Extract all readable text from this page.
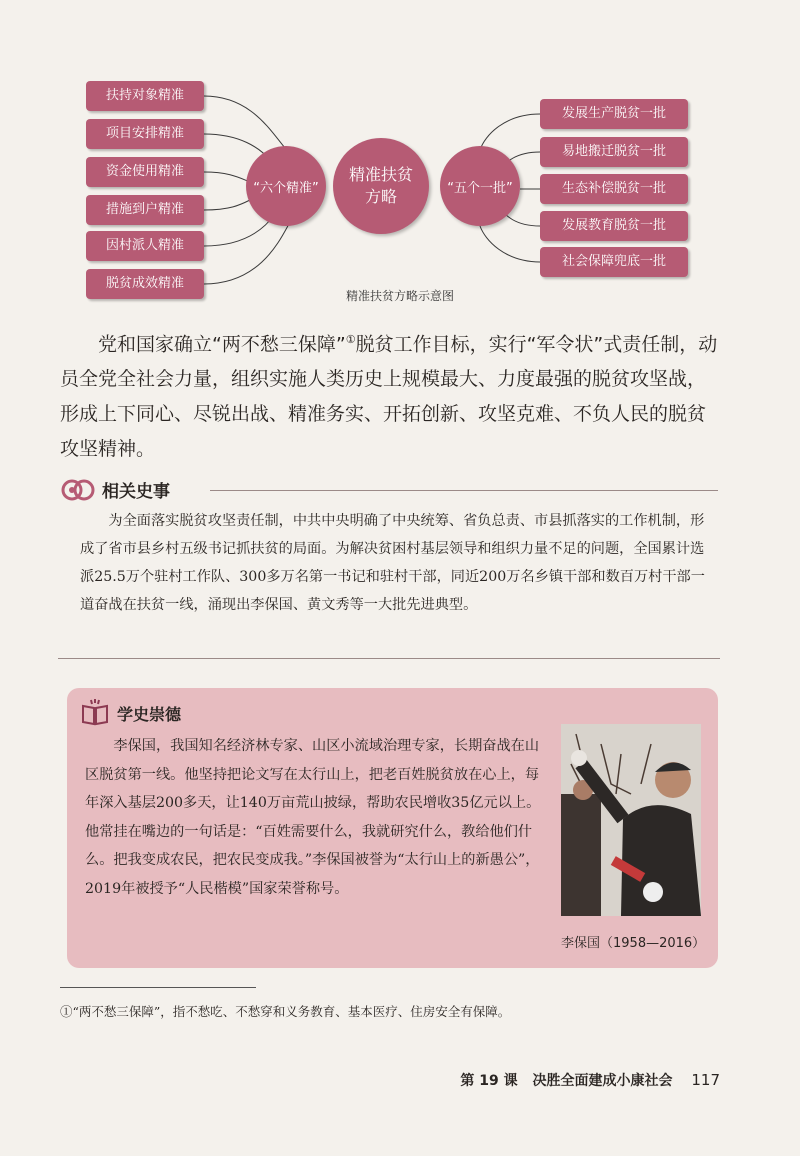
扶持对象精准
项目安排精准
资金使用精准
措施到户精准
因村派人精准
脱贫成效精准
“六个精准”
精准扶贫方略	“五个一批”
发展生产脱贫一批
易地搬迁脱贫一批
生态补偿脱贫一批
发展教育脱贫一批
社会保障兜底一批
精准扶贫方略示意图

党和国家确立“两不愁三保障”①脱贫工作目标，实行“军令状”式责任制，动员全党全社会力量，组织实施人类历史上规模最大、力度最强的脱贫攻坚战，形成上下同心、尽锐出战、精准务实、开拓创新、攻坚克难、不负人民的脱贫攻坚精神。

相关史事

为全面落实脱贫攻坚责任制，中共中央明确了中央统筹、省负总责、市县抓落实的工作机制，形成了省市县乡村五级书记抓扶贫的局面。为解决贫困村基层领导和组织力量不足的问题，全国累计选派25.5万个驻村工作队、300多万名第一书记和驻村干部，同近200万名乡镇干部和数百万村干部一道奋战在扶贫一线，涌现出李保国、黄文秀等一大批先进典型。

学史崇德

李保国，我国知名经济林专家、山区小流域治理专家，长期奋战在山区脱贫第一线。他坚持把论文写在太行山上，把老百姓脱贫放在心上，每年深入基层200多天，让140万亩荒山披绿，帮助农民增收35亿元以上。他常挂在嘴边的一句话是：“百姓需要什么，我就研究什么，教给他们什么。把我变成农民，把农民变成我。”李保国被誉为“太行山上的新愚公”，2019年被授予“人民楷模”国家荣誉称号。

李保国（1958—2016）
①“两不愁三保障”，指不愁吃、不愁穿和义务教育、基本医疗、住房安全有保障。
第 19 课 决胜全面建成小康社会 117
